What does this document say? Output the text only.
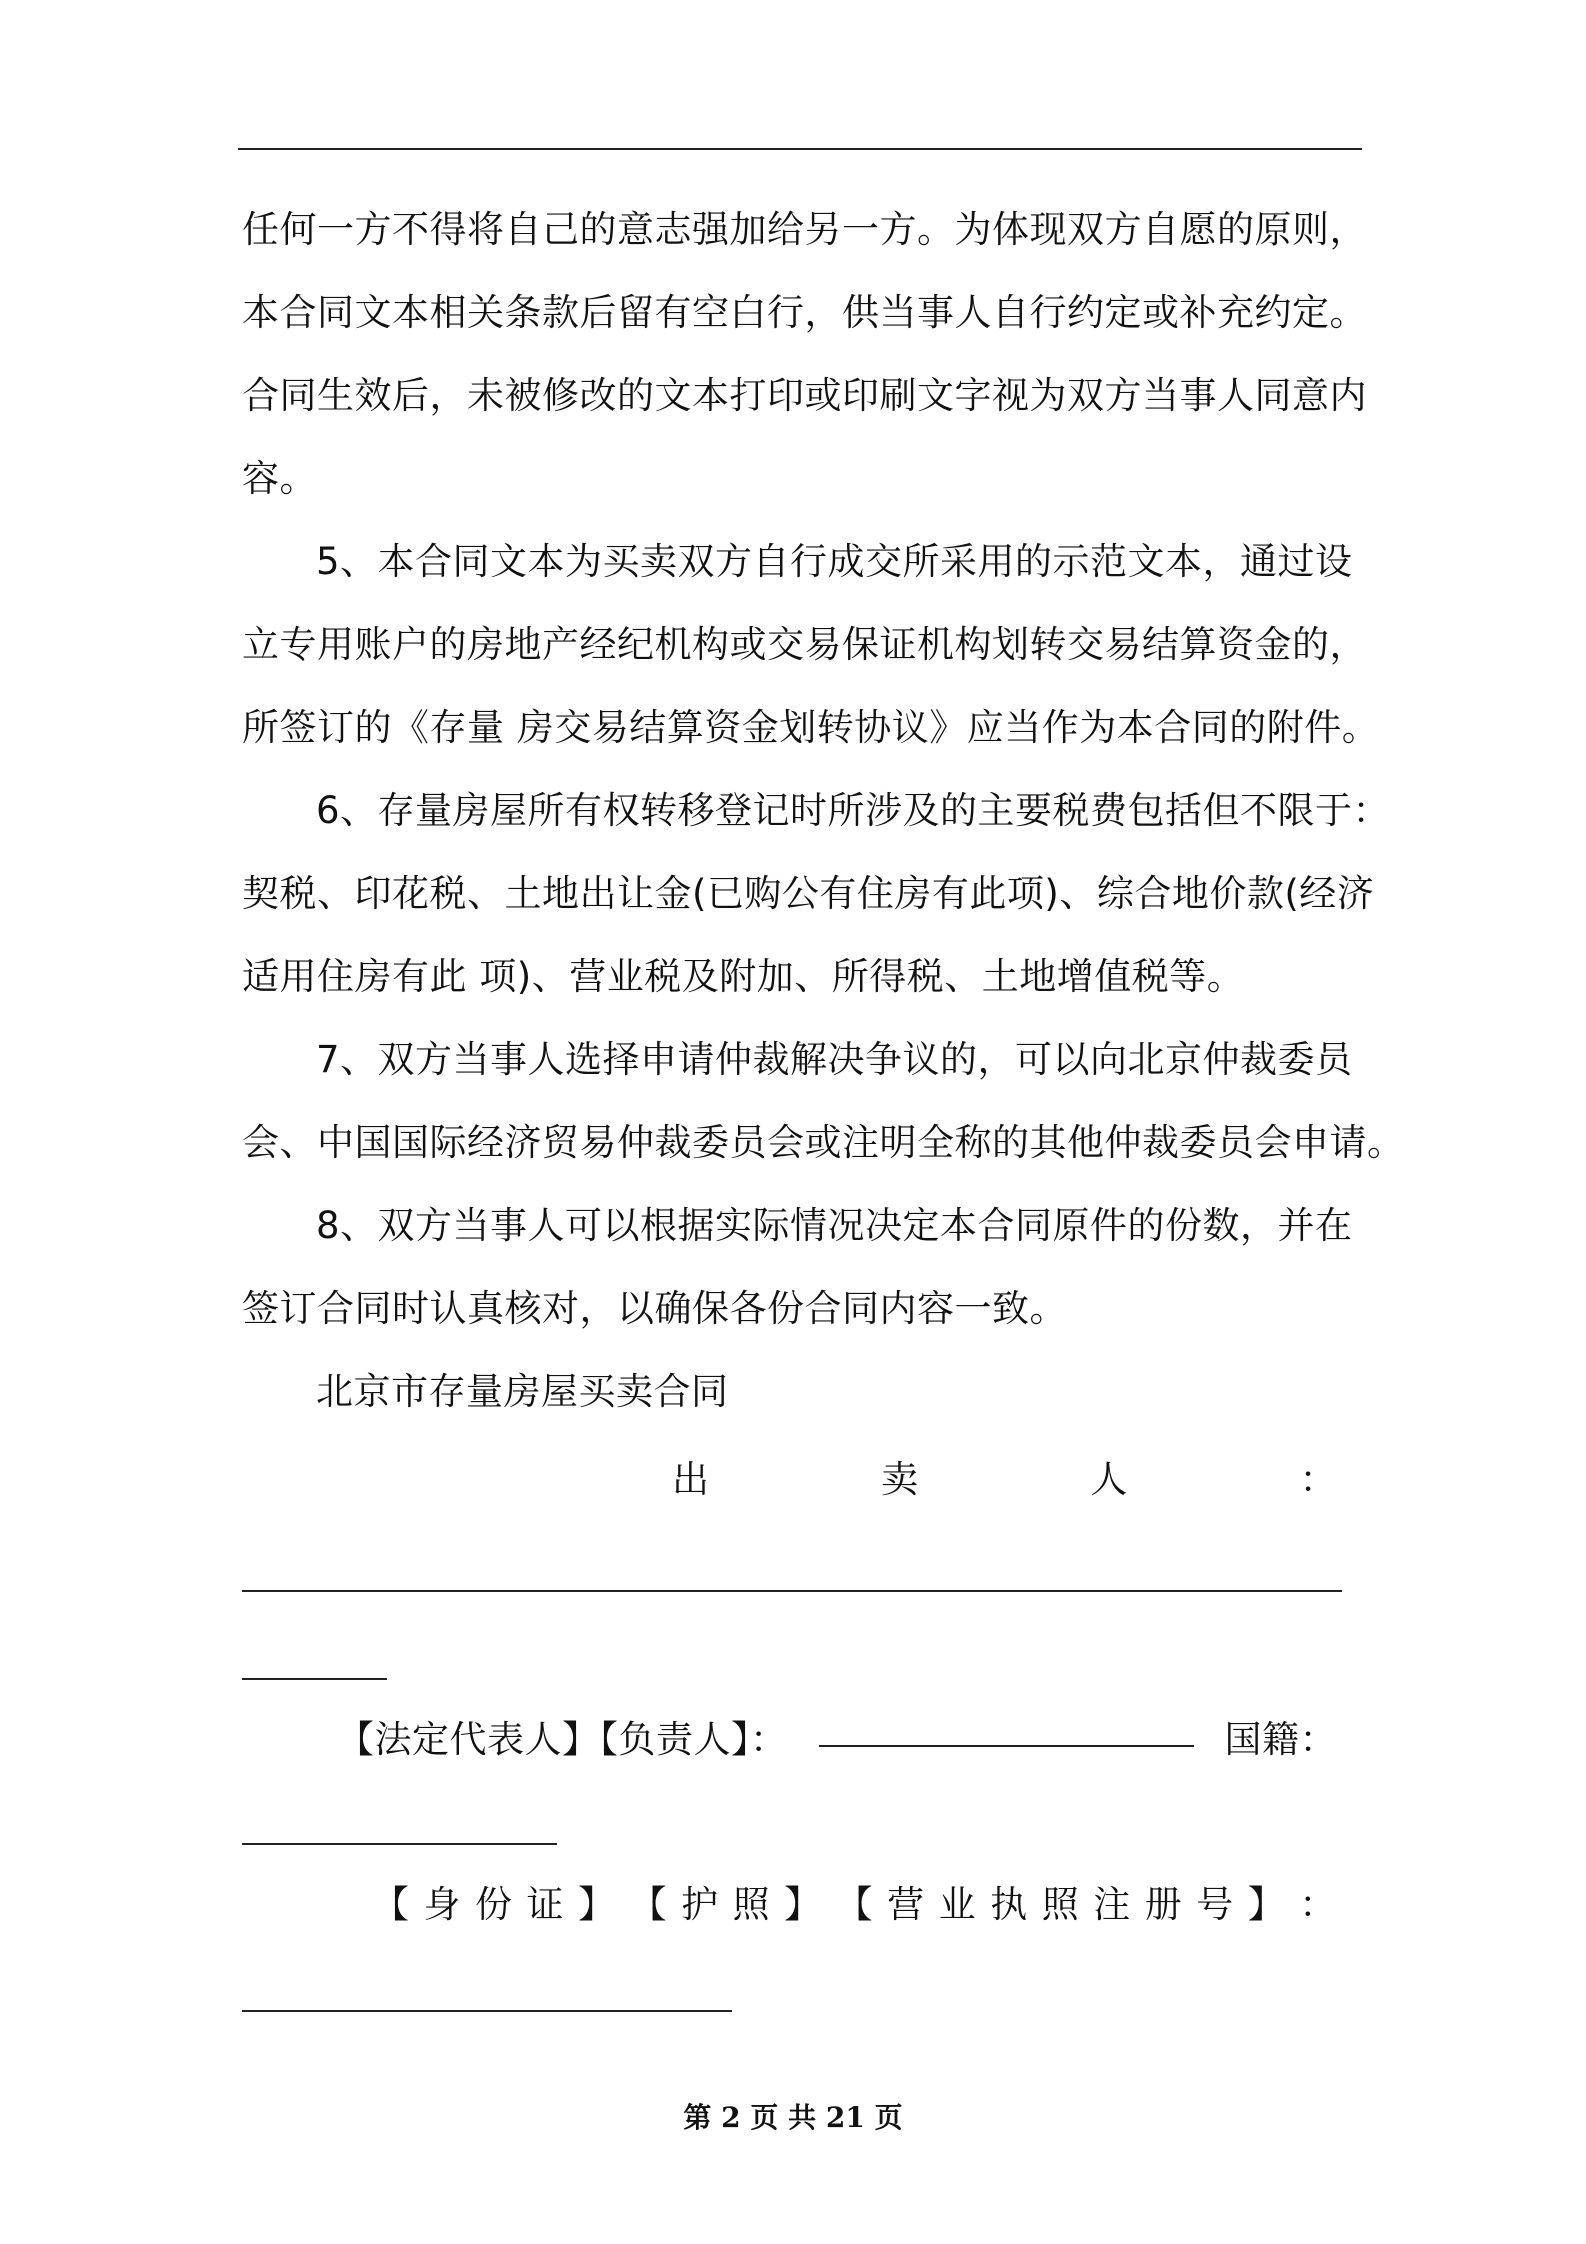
任何一方不得将自己的意志强加给另一方。为体现双方自愿的原则，
本合同文本相关条款后留有空白行，供当事人自行约定或补充约定。
合同生效后，未被修改的文本打印或印刷文字视为双方当事人同意内
容。
5、本合同文本为买卖双方自行成交所采用的示范文本，通过设
立专用账户的房地产经纪机构或交易保证机构划转交易结算资金的，
所签订的《存量 房交易结算资金划转协议》应当作为本合同的附件。
6、存量房屋所有权转移登记时所涉及的主要税费包括但不限于：
契税、印花税、土地出让金(已购公有住房有此项)、综合地价款(经济
适用住房有此 项)、营业税及附加、所得税、土地增值税等。
7、双方当事人选择申请仲裁解决争议的，可以向北京仲裁委员
会、中国国际经济贸易仲裁委员会或注明全称的其他仲裁委员会申请。
8、双方当事人可以根据实际情况决定本合同原件的份数，并在
签订合同时认真核对，以确保各份合同内容一致。
北京市存量房屋买卖合同
出	卖	人	：
【法定代表人】【负责人】：	国籍：
【 身 份 证 】 【 护 照 】 【 营 业 执 照 注 册 号 】 ：
第 2 页 共 21 页
